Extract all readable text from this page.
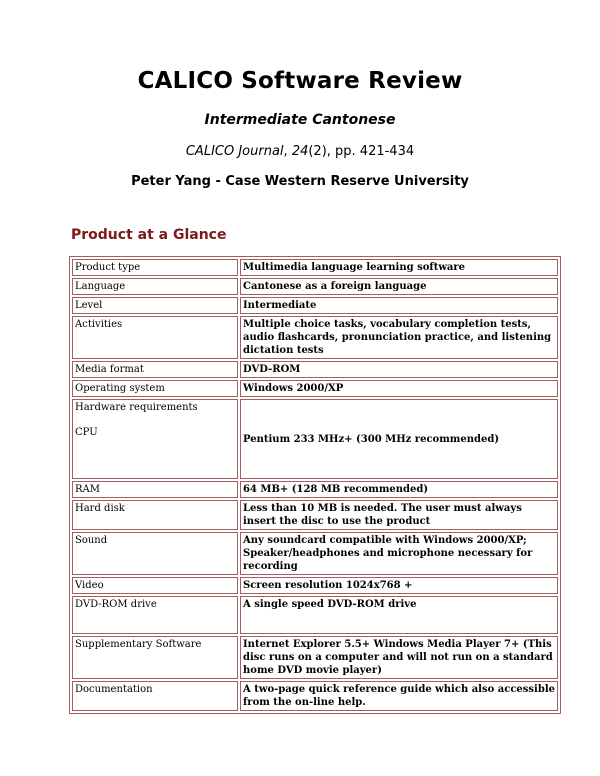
CALICO Software Review
Intermediate Cantonese
CALICO Journal, 24(2), pp. 421-434
Peter Yang - Case Western Reserve University
Product at a Glance
Product type	Multimedia language learning software
Language	Cantonese as a foreign language
Level	Intermediate
Activities	Multiple choice tasks, vocabulary completion tests, audio flashcards, pronunciation practice, and listening dictation tests
Media format	DVD-ROM
Operating system	Windows 2000/XP
Hardware requirements
CPU	Pentium 233 MHz+ (300 MHz recommended)
RAM	64 MB+ (128 MB recommended)
Hard disk	Less than 10 MB is needed. The user must always insert the disc to use the product
Sound	Any soundcard compatible with Windows 2000/XP; Speaker/headphones and microphone necessary for recording
Video	Screen resolution 1024x768 +
DVD-ROM drive	A single speed DVD-ROM drive
Supplementary Software	Internet Explorer 5.5+ Windows Media Player 7+ (This disc runs on a computer and will not run on a standard home DVD movie player)
Documentation	A two-page quick reference guide which also accessible from the on-line help.
